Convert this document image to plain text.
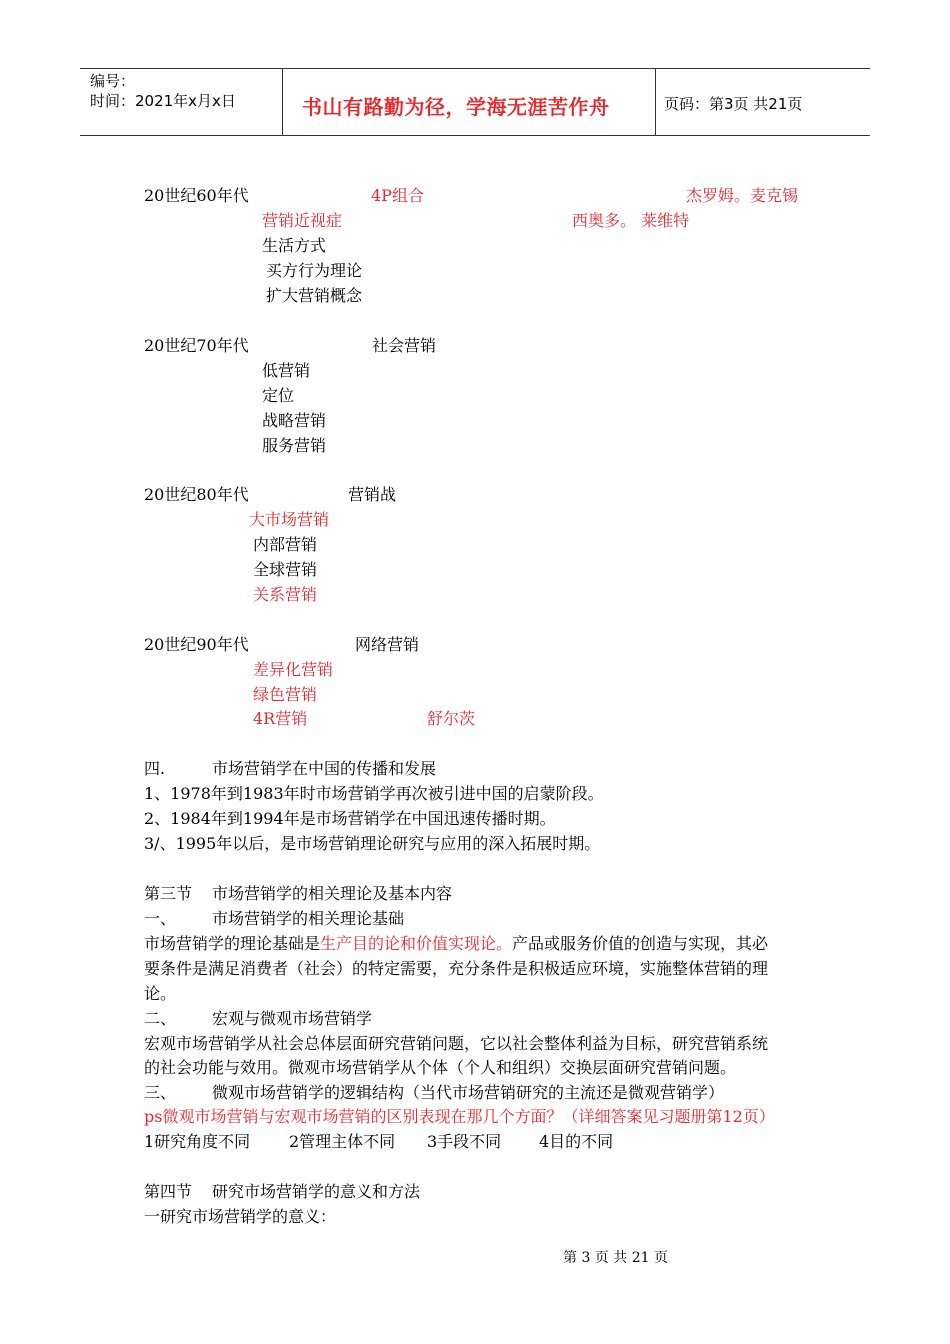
编号：
时间：2021年x月x日	书山有路勤为径，学海无涯苦作舟	页码：第3页 共21页
20世纪60年代	4P组合	杰罗姆。麦克锡
营销近视症	西奥多。 莱维特
生活方式
买方行为理论
扩大营销概念
20世纪70年代	社会营销
低营销
定位
战略营销
服务营销
20世纪80年代	营销战
大市场营销
内部营销
全球营销
关系营销
20世纪90年代	网络营销
差异化营销
绿色营销
4R营销	舒尔茨
四.	市场营销学在中国的传播和发展
1、1978年到1983年时市场营销学再次被引进中国的启蒙阶段。
2、1984年到1994年是市场营销学在中国迅速传播时期。
3/、1995年以后，是市场营销理论研究与应用的深入拓展时期。
第三节 市场营销学的相关理论及基本内容
一、 市场营销学的相关理论基础
市场营销学的理论基础是生产目的论和价值实现论。产品或服务价值的创造与实现，其必
要条件是满足消费者（社会）的特定需要，充分条件是积极适应环境，实施整体营销的理
论。
二、 宏观与微观市场营销学
宏观市场营销学从社会总体层面研究营销问题，它以社会整体利益为目标，研究营销系统
的社会功能与效用。微观市场营销学从个体（个人和组织）交换层面研究营销问题。
三、 微观市场营销学的逻辑结构（当代市场营销研究的主流还是微观营销学）
ps微观市场营销与宏观市场营销的区别表现在那几个方面？（详细答案见习题册第12页）
1研究角度不同 2管理主体不同 3手段不同 4目的不同
第四节 研究市场营销学的意义和方法
一研究市场营销学的意义：
第 3 页 共 21 页
